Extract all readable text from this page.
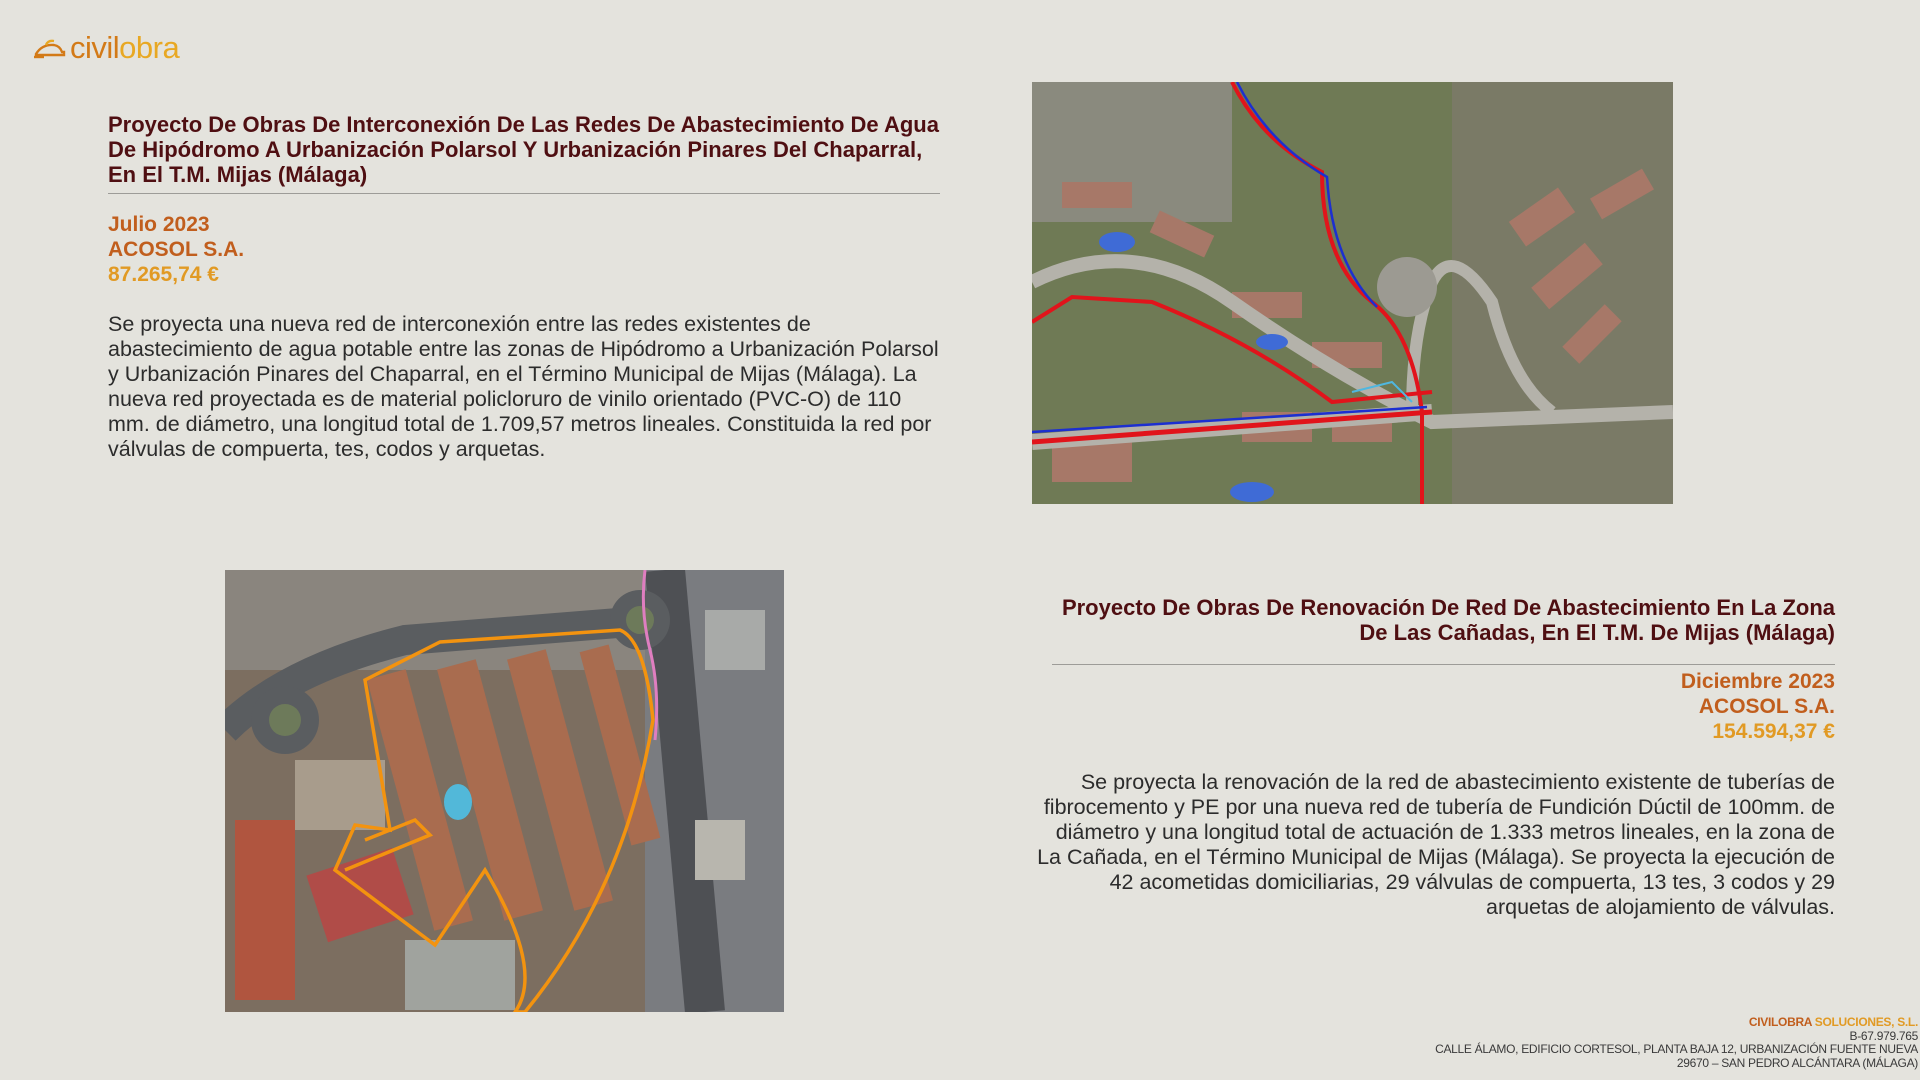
civil obra
Proyecto De Obras De Interconexión De Las Redes De Abastecimiento De Agua De Hipódromo A Urbanización Polarsol Y Urbanización Pinares Del Chaparral, En El T.M. Mijas (Málaga)
Julio 2023
ACOSOL S.A.
87.265,74 €

Se proyecta una nueva red de interconexión entre las redes existentes de abastecimiento de agua potable entre las zonas de Hipódromo a Urbanización Polarsol y Urbanización Pinares del Chaparral, en el Término Municipal de Mijas (Málaga). La nueva red proyectada es de material policloruro de vinilo orientado (PVC-O) de 110 mm. de diámetro, una longitud total de 1.709,57 metros lineales. Constituida la red por válvulas de compuerta, tes, codos y arquetas.

Proyecto De Obras De Renovación De Red De Abastecimiento En La Zona De Las Cañadas, En El T.M. De Mijas (Málaga)
Diciembre 2023
ACOSOL S.A.
154.594,37 €

Se proyecta la renovación de la red de abastecimiento existente de tuberías de fibrocemento y PE por una nueva red de tubería de Fundición Dúctil de 100mm. de diámetro y una longitud total de actuación de 1.333 metros lineales, en la zona de La Cañada, en el Término Municipal de Mijas (Málaga). Se proyecta la ejecución de 42 acometidas domiciliarias, 29 válvulas de compuerta, 13 tes, 3 codos y 29 arquetas de alojamiento de válvulas.

CIVILOBRA SOLUCIONES, S.L.
B-67.979.765
CALLE ÁLAMO, EDIFICIO CORTESOL, PLANTA BAJA 12, URBANIZACIÓN FUENTE NUEVA
29670 – SAN PEDRO ALCÁNTARA (MÁLAGA)
